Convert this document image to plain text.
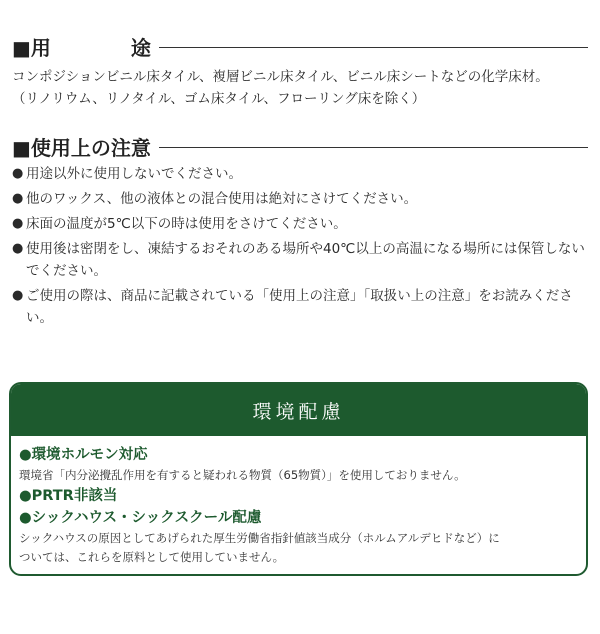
■用　　　　途
コンポジションビニル床タイル、複層ビニル床タイル、ビニル床シートなどの化学床材。
（リノリウム、リノタイル、ゴム床タイル、フローリング床を除く）
■使用上の注意
● 用途以外に使用しないでください。
● 他のワックス、他の液体との混合使用は絶対にさけてください。
● 床面の温度が5℃以下の時は使用をさけてください。
● 使用後は密閉をし、凍結するおそれのある場所や40℃以上の高温になる場所には保管しないでください。
● ご使用の際は、商品に記載されている「使用上の注意」「取扱い上の注意」をお読みください。
環境配慮
●環境ホルモン対応
環境省「内分泌攪乱作用を有すると疑われる物質（65物質）」を使用しておりません。
●PRTR非該当
●シックハウス・シックスクール配慮
シックハウスの原因としてあげられた厚生労働省指針値該当成分（ホルムアルデヒドなど）に
ついては、これらを原料として使用していません。
